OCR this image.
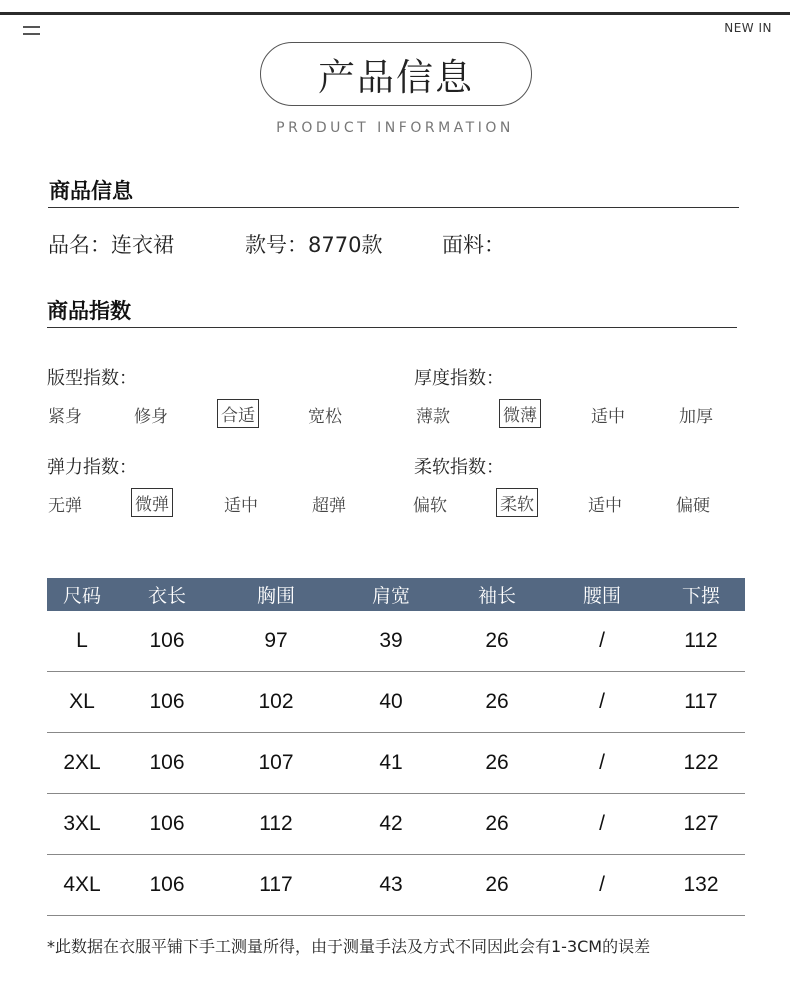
NEW IN
产品信息
PRODUCT INFORMATION
商品信息
品名：连衣裙	款号：8770款	面料：
商品指数
版型指数：
紧身	修身	合适	宽松
厚度指数：
薄款	微薄	适中	加厚
弹力指数：
无弹	微弹	适中	超弹
柔软指数：
偏软	柔软	适中	偏硬
尺码	衣长	胸围	肩宽	袖长	腰围	下摆
L	106	97	39	26	/	112
XL	106	102	40	26	/	117
2XL	106	107	41	26	/	122
3XL	106	112	42	26	/	127
4XL	106	117	43	26	/	132
*此数据在衣服平铺下手工测量所得，由于测量手法及方式不同因此会有1-3CM的误差
